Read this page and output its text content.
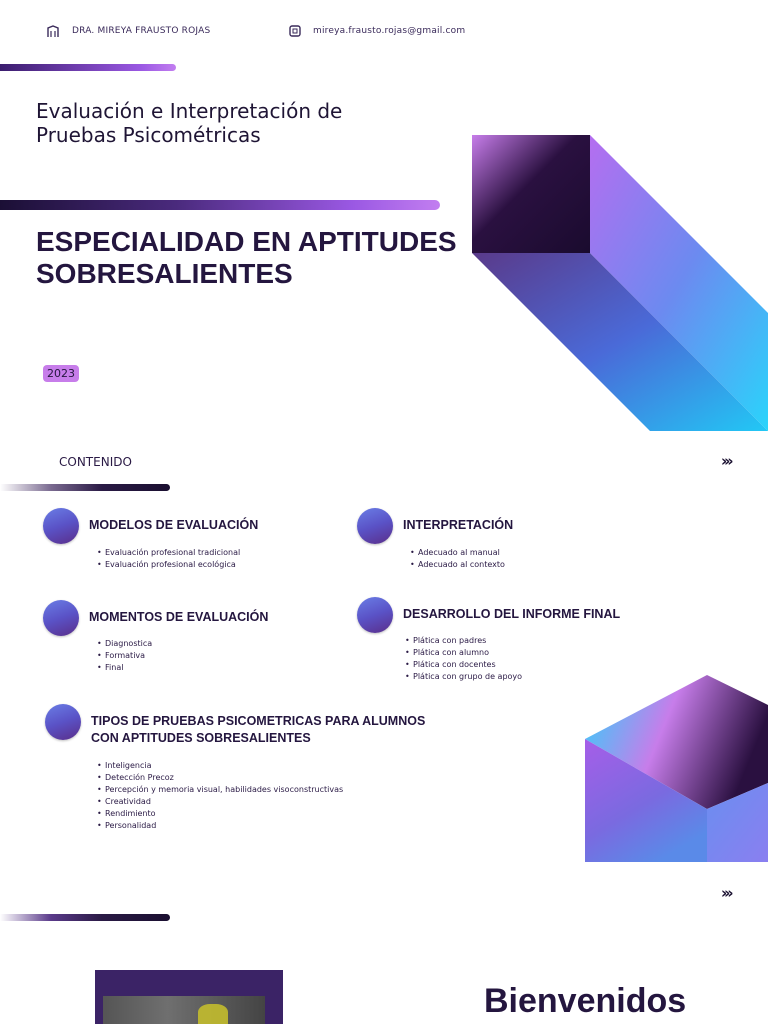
DRA. MIREYA FRAUSTO ROJAS	mireya.frausto.rojas@gmail.com
Evaluación e Interpretación de
Pruebas Psicométricas
ESPECIALIDAD EN APTITUDES
SOBRESALIENTES
2023
CONTENIDO	›››
MODELOS DE EVALUACIÓN
• Evaluación profesional tradicional
• Evaluación profesional ecológica
INTERPRETACIÓN
• Adecuado al manual
• Adecuado al contexto
MOMENTOS DE EVALUACIÓN
• Diagnostica
• Formativa
• Final
DESARROLLO DEL INFORME FINAL
• Plática con padres
• Plática con alumno
• Plática con docentes
• Plática con grupo de apoyo
TIPOS DE PRUEBAS PSICOMETRICAS PARA ALUMNOS
CON APTITUDES SOBRESALIENTES
• Inteligencia
• Detección Precoz
• Percepción y memoria visual, habilidades visoconstructivas
• Creatividad
• Rendimiento
• Personalidad
›››
Bienvenidos
